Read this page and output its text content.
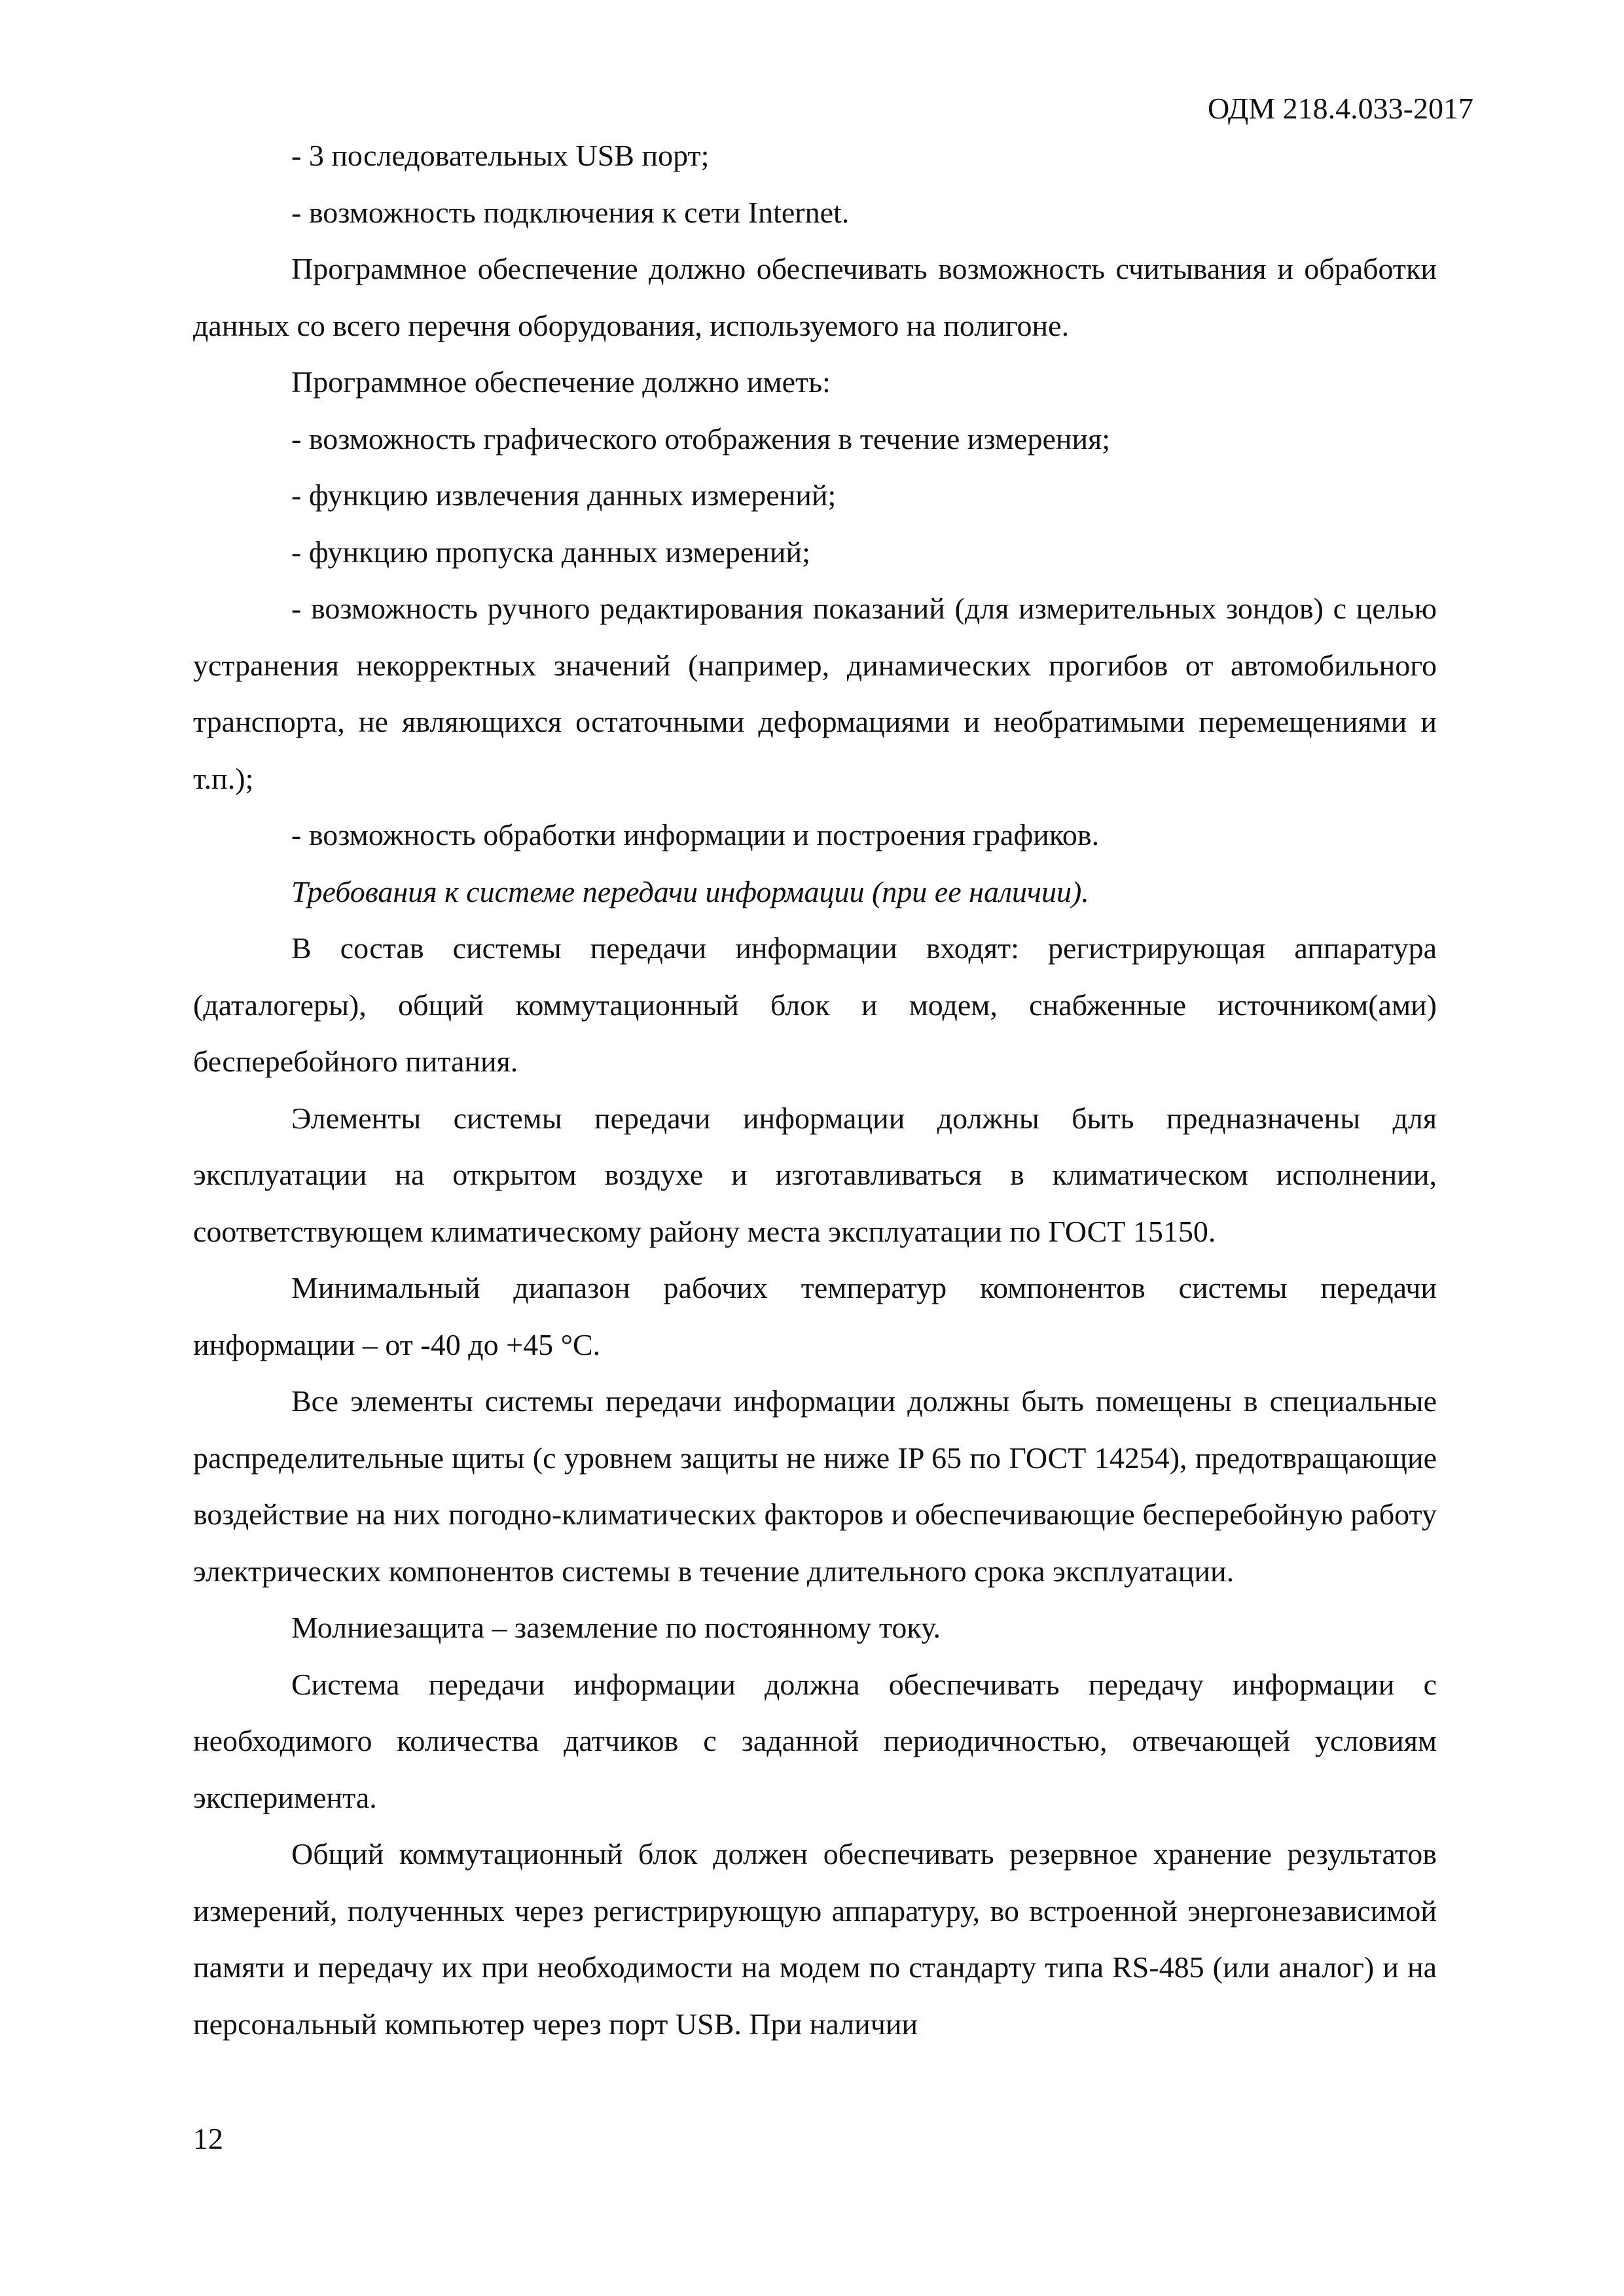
ОДМ 218.4.033-2017

- 3 последовательных USB порт;

- возможность подключения к сети Internet.

Программное обеспечение должно обеспечивать возможность считывания и обработки данных со всего перечня оборудования, используемого на полигоне.

Программное обеспечение должно иметь:

- возможность графического отображения в течение измерения;

- функцию извлечения данных измерений;

- функцию пропуска данных измерений;

- возможность ручного редактирования показаний (для измерительных зондов) с целью устранения некорректных значений (например, динамических прогибов от автомобильного транспорта, не являющихся остаточными деформациями и необратимыми перемещениями и т.п.);

- возможность обработки информации и построения графиков.

Требования к системе передачи информации (при ее наличии).

В состав системы передачи информации входят: регистрирующая аппаратура (даталогеры), общий коммутационный блок и модем, снабженные источником(ами) бесперебойного питания.

Элементы системы передачи информации должны быть предназначены для эксплуатации на открытом воздухе и изготавливаться в климатическом исполнении, соответствующем климатическому району места эксплуатации по ГОСТ 15150.

Минимальный диапазон рабочих температур компонентов системы передачи информации – от -40 до +45 °С.

Все элементы системы передачи информации должны быть помещены в специальные распределительные щиты (с уровнем защиты не ниже IP 65 по ГОСТ 14254), предотвращающие воздействие на них погодно-климатических факторов и обеспечивающие бесперебойную работу электрических компонентов системы в течение длительного срока эксплуатации.

Молниезащита – заземление по постоянному току.

Система передачи информации должна обеспечивать передачу информации с необходимого количества датчиков с заданной периодичностью, отвечающей условиям эксперимента.

Общий коммутационный блок должен обеспечивать резервное хранение результатов измерений, полученных через регистрирующую аппаратуру, во встроенной энергонезависимой памяти и передачу их при необходимости на модем по стандарту типа RS-485 (или аналог) и на персональный компьютер через порт USB. При наличии

12
